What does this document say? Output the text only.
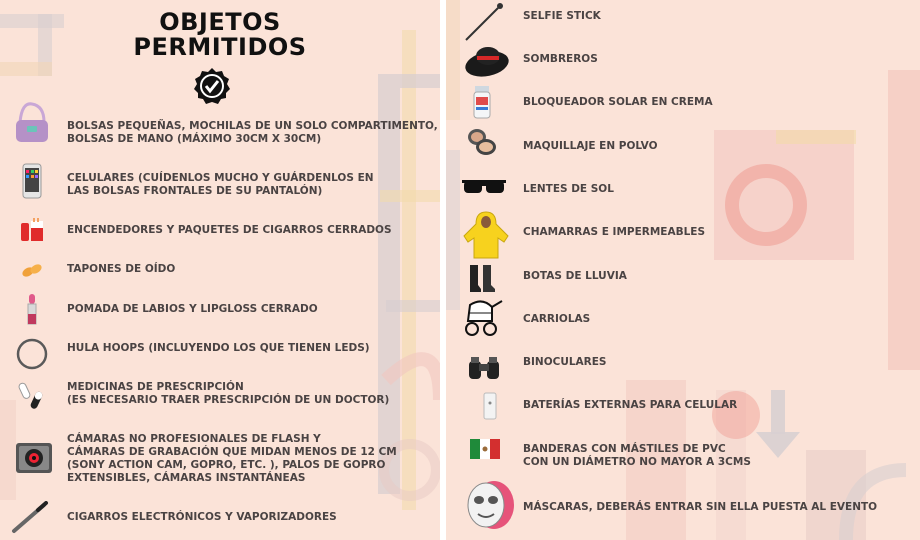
OBJETOS
PERMITIDOS
BOLSAS PEQUEÑAS, MOCHILAS DE UN SOLO COMPARTIMENTO,
BOLSAS DE MANO (MÁXIMO 30CM X 30CM)
CELULARES (CUÍDENLOS MUCHO Y GUÁRDENLOS EN
LAS BOLSAS FRONTALES DE SU PANTALÓN)
ENCENDEDORES Y PAQUETES DE CIGARROS CERRADOS
TAPONES DE OÍDO
POMADA DE LABIOS Y LIPGLOSS CERRADO
HULA HOOPS (INCLUYENDO LOS QUE TIENEN LEDS)
MEDICINAS DE PRESCRIPCIÓN
(ES NECESARIO TRAER PRESCRIPCIÓN DE UN DOCTOR)
CÁMARAS NO PROFESIONALES DE FLASH Y
CÁMARAS DE GRABACIÓN QUE MIDAN MENOS DE 12 CM
(SONY ACTION CAM, GOPRO, ETC. ), PALOS DE GOPRO
EXTENSIBLES, CÁMARAS INSTANTÁNEAS
CIGARROS ELECTRÓNICOS Y VAPORIZADORES
SELFIE STICK
SOMBREROS
BLOQUEADOR SOLAR EN CREMA
MAQUILLAJE EN POLVO
LENTES DE SOL
CHAMARRAS E IMPERMEABLES
BOTAS DE LLUVIA
CARRIOLAS
BINOCULARES
BATERÍAS EXTERNAS PARA CELULAR
BANDERAS CON MÁSTILES DE PVC
CON UN DIÁMETRO NO MAYOR A 3CMS
MÁSCARAS, DEBERÁS ENTRAR SIN ELLA PUESTA AL EVENTO
